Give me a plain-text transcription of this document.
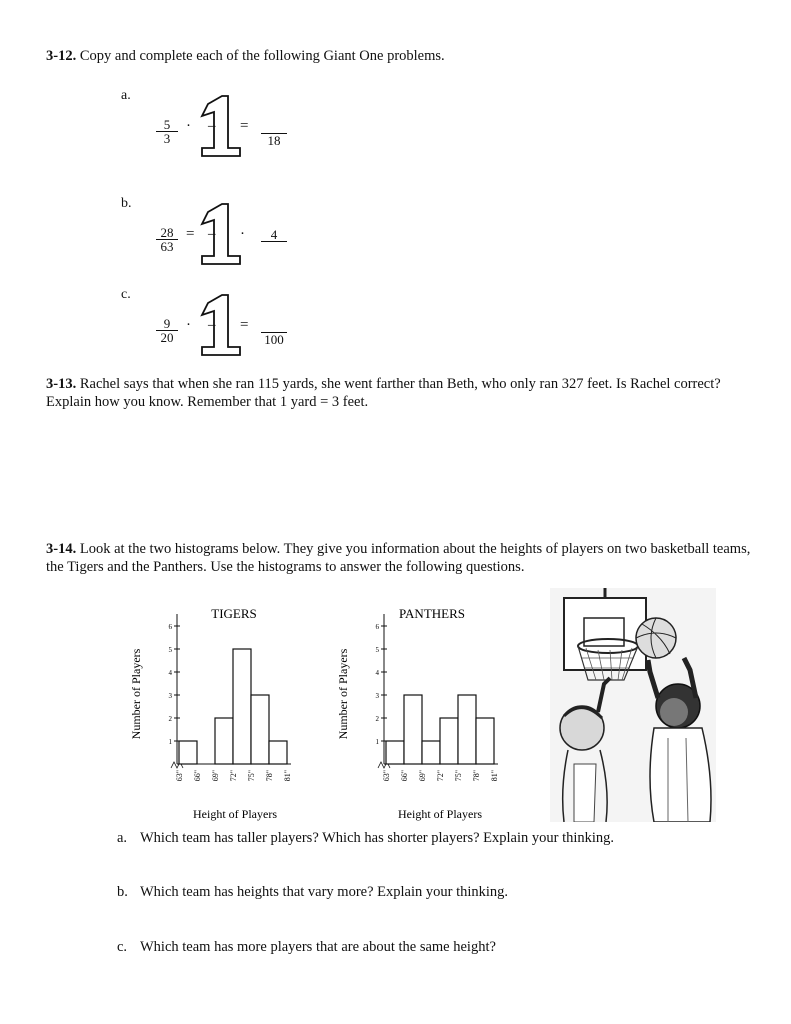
3-12. Copy and complete each of the following Giant One problems.
a.
$\frac{5}{3}$ · – =
18
b.
$\frac{28}{63}$ = – ·	4
c.
$\frac{9}{20}$ · – =
100
3-13. Rachel says that when she ran 115 yards, she went farther than Beth, who only ran 327 feet. Is Rachel correct? Explain how you know. Remember that 1 yard = 3 feet.
3-14. Look at the two histograms below. They give you information about the heights of players on two basketball teams, the Tigers and the Panthers. Use the histograms to answer the following questions.
TIGERS
1
2
3
4
5
6
63" 66" 69" 72" 75" 78" 81"
Number of Players
Height of Players
PANTHERS
1
2
3
4
5
6
63" 66" 69" 72" 75" 78" 81"
Number of Players
Height of Players
a. Which team has taller players? Which has shorter players? Explain your thinking.
b. Which team has heights that vary more? Explain your thinking.
c. Which team has more players that are about the same height?
